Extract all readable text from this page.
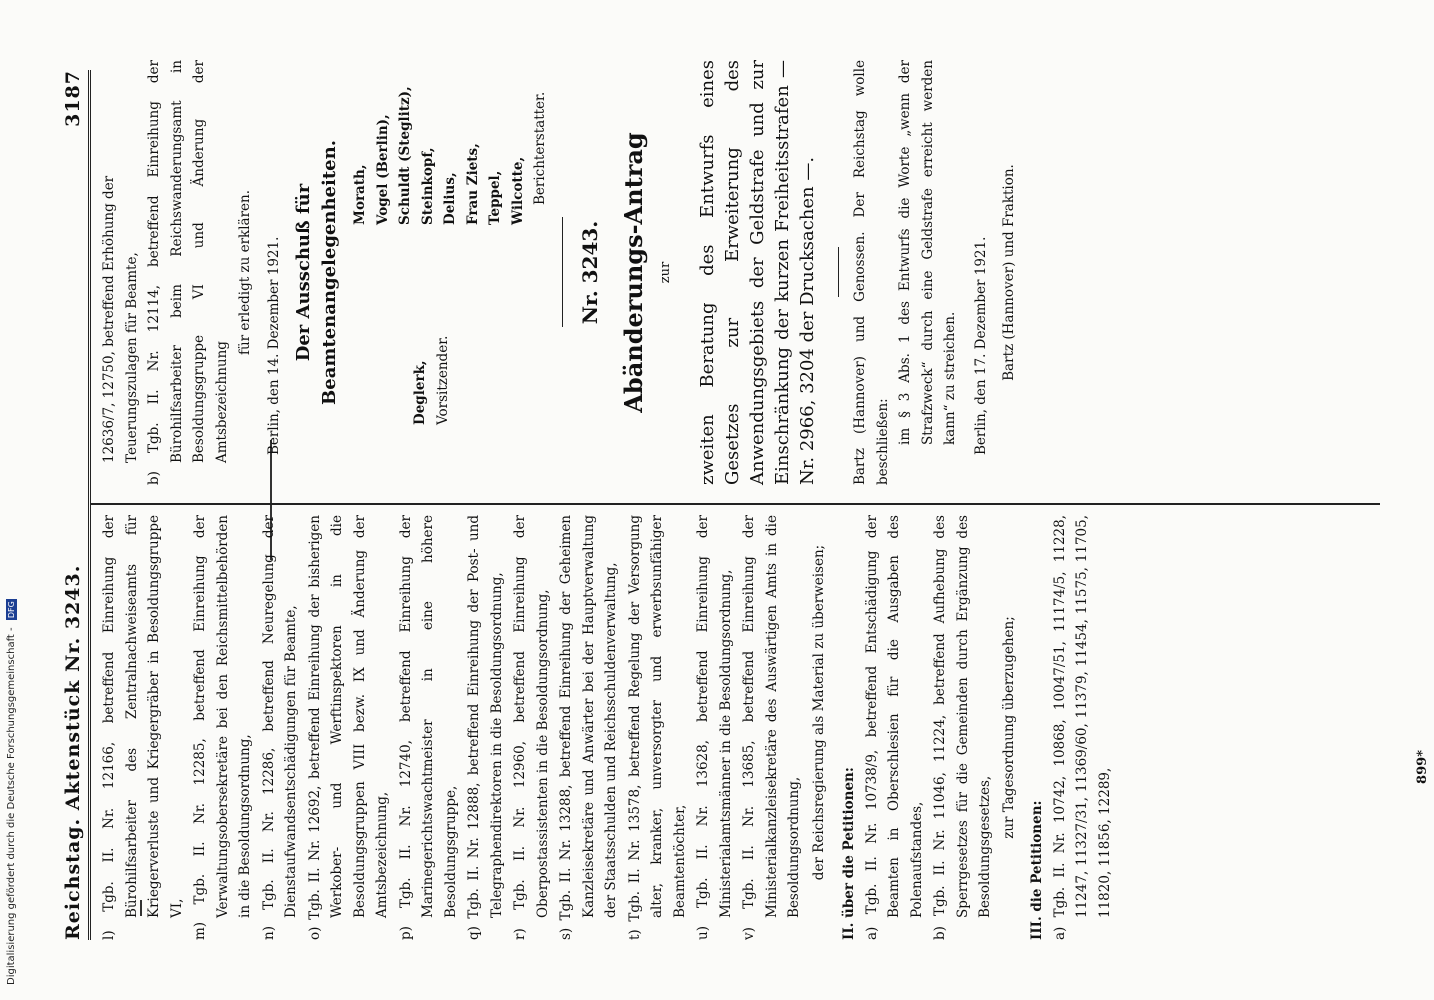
Digitalisierung gefördert durch die Deutsche Forschungsgemeinschaft - DFG Reichstag. Aktenstück Nr. 3243.
3187

l) Tgb. II. Nr. 12166, betreffend Einreihung der Bürohilfsarbeiter des Zentralnachweiseamts für Kriegerverluste und Kriegergräber in Besoldungsgruppe VI,

m) Tgb. II. Nr. 12285, betreffend Einreihung der Verwaltungsobersekretäre bei den Reichsmittelbehörden in die Besoldungsordnung,

n) Tgb. II. Nr. 12286, betreffend Neuregelung der Dienstaufwandsentschädigungen für Beamte,

o) Tgb. II. Nr. 12692, betreffend Einreihung der bisherigen Werkober- und Werftinspektoren in die Besoldungsgruppen VIII bezw. IX und Änderung der Amtsbezeichnung,

p) Tgb. II. Nr. 12740, betreffend Einreihung der Marinegerichtswachtmeister in eine höhere Besoldungsgruppe,

q) Tgb. II. Nr. 12888, betreffend Einreihung der Post- und Telegraphendirektoren in die Besoldungsordnung,

r) Tgb. II. Nr. 12960, betreffend Einreihung der Oberpostassistenten in die Besoldungsordnung,

s) Tgb. II. Nr. 13288, betreffend Einreihung der Geheimen Kanzleisekretäre und Anwärter bei der Hauptverwaltung der Staatsschulden und Reichsschuldenverwaltung,

t) Tgb. II. Nr. 13578, betreffend Regelung der Versorgung alter, kranker, unversorgter und erwerbsunfähiger Beamtentöchter,

u) Tgb. II. Nr. 13628, betreffend Einreihung der Ministerialamtsmänner in die Besoldungsordnung,

v) Tgb. II. Nr. 13685, betreffend Einreihung der Ministerialkanzleisekretäre des Auswärtigen Amts in die Besoldungsordnung, der Reichsregierung als Material zu überweisen; II. über die Petitionen: a) Tgb. II. Nr. 10738/9, betreffend Entschädigung der Beamten in Oberschlesien für die Ausgaben des Polenaufstandes,

b) Tgb. II. Nr. 11046, 11224, betreffend Aufhebung des Sperrgesetzes für die Gemeinden durch Ergänzung des Besoldungsgesetzes,

zur Tagesordnung überzugehen;

III. die Petitionen: a) Tgb. II. Nr. 10742, 10868, 10047/51, 11174/5, 11228, 11247, 11327/31, 11369/60, 11379, 11454, 11575, 11705, 11820, 11856, 12289,

12636/7, 12750, betreffend Erhöhung der Teuerungszulagen für Beamte,

b) Tgb. II. Nr. 12114, betreffend Einreihung der Bürohilfsarbeiter beim Reichswanderungsamt in Besoldungsgruppe VI und Änderung der Amtsbezeichnung

für erledigt zu erklären. Berlin, den 14. Dezember 1921. Der Ausschuß für Beamtenangelegenheiten.	Deglerk, Vorsitzender.
Morath, Vogel (Berlin), Schuldt (Steglitz), Steinkopf, Delius, Frau Ziets, Teppel, Wilcotte, Berichterstatter.

Nr. 3243. Abänderungs-Antrag zur zweiten Beratung des Entwurfs eines Gesetzes zur Erweiterung des Anwendungsgebiets der Geldstrafe und zur Einschränkung der kurzen Freiheitsstrafen — Nr. 2966, 3204 der Drucksachen —.	Bartz (Hannover) und Genossen. Der Reichstag wolle beschließen: im § 3 Abs. 1 des Entwurfs die Worte „wenn der Strafzweck“ durch eine Geldstrafe erreicht werden kann“ zu streichen. Berlin, den 17. Dezember 1921. Bartz (Hannover) und Fraktion.

899*
